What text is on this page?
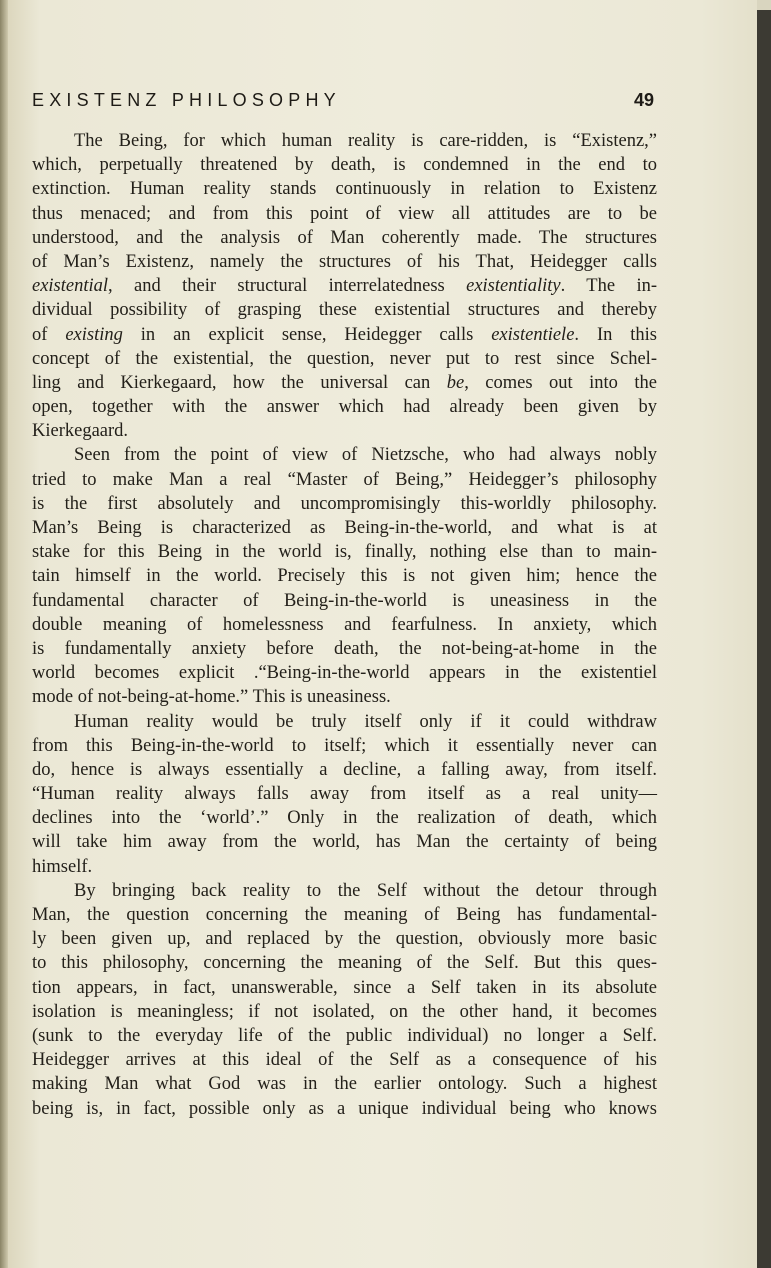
EXISTENZ PHILOSOPHY	49
The Being, for which human reality is care-ridden, is “Existenz,”
which, perpetually threatened by death, is condemned in the end to
extinction. Human reality stands continuously in relation to Existenz
thus menaced; and from this point of view all attitudes are to be
understood, and the analysis of Man coherently made. The structures
of Man’s Existenz, namely the structures of his That, Heidegger calls
existential, and their structural interrelatedness existentiality. The in-
dividual possibility of grasping these existential structures and thereby
of existing in an explicit sense, Heidegger calls existentiele. In this
concept of the existential, the question, never put to rest since Schel-
ling and Kierkegaard, how the universal can be, comes out into the
open, together with the answer which had already been given by
Kierkegaard.
Seen from the point of view of Nietzsche, who had always nobly
tried to make Man a real “Master of Being,” Heidegger’s philosophy
is the first absolutely and uncompromisingly this-worldly philosophy.
Man’s Being is characterized as Being-in-the-world, and what is at
stake for this Being in the world is, finally, nothing else than to main-
tain himself in the world. Precisely this is not given him; hence the
fundamental character of Being-in-the-world is uneasiness in the
double meaning of homelessness and fearfulness. In anxiety, which
is fundamentally anxiety before death, the not-being-at-home in the
world becomes explicit .“Being-in-the-world appears in the existentiel
mode of not-being-at-home.” This is uneasiness.
Human reality would be truly itself only if it could withdraw
from this Being-in-the-world to itself; which it essentially never can
do, hence is always essentially a decline, a falling away, from itself.
“Human reality always falls away from itself as a real unity—
declines into the ‘world’.” Only in the realization of death, which
will take him away from the world, has Man the certainty of being
himself.
By bringing back reality to the Self without the detour through
Man, the question concerning the meaning of Being has fundamental-
ly been given up, and replaced by the question, obviously more basic
to this philosophy, concerning the meaning of the Self. But this ques-
tion appears, in fact, unanswerable, since a Self taken in its absolute
isolation is meaningless; if not isolated, on the other hand, it becomes
(sunk to the everyday life of the public individual) no longer a Self.
Heidegger arrives at this ideal of the Self as a consequence of his
making Man what God was in the earlier ontology. Such a highest
being is, in fact, possible only as a unique individual being who knows
